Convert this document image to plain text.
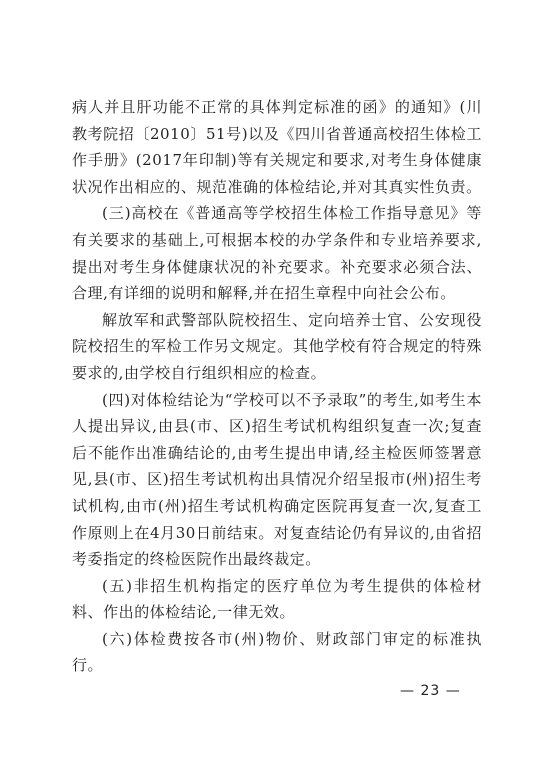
病人并且肝功能不正常的具体判定标准的函》的通知》(川教考院招〔2010〕51号)以及《四川省普通高校招生体检工作手册》(2017年印制)等有关规定和要求,对考生身体健康状况作出相应的、规范准确的体检结论,并对其真实性负责。

(三)高校在《普通高等学校招生体检工作指导意见》等有关要求的基础上,可根据本校的办学条件和专业培养要求,提出对考生身体健康状况的补充要求。补充要求必须合法、合理,有详细的说明和解释,并在招生章程中向社会公布。

解放军和武警部队院校招生、定向培养士官、公安现役院校招生的军检工作另文规定。其他学校有符合规定的特殊要求的,由学校自行组织相应的检查。

(四)对体检结论为“学校可以不予录取”的考生,如考生本人提出异议,由县(市、区)招生考试机构组织复查一次;复查后不能作出准确结论的,由考生提出申请,经主检医师签署意见,县(市、区)招生考试机构出具情况介绍呈报市(州)招生考试机构,由市(州)招生考试机构确定医院再复查一次,复查工作原则上在4月30日前结束。对复查结论仍有异议的,由省招考委指定的终检医院作出最终裁定。

(五)非招生机构指定的医疗单位为考生提供的体检材料、作出的体检结论,一律无效。

(六)体检费按各市(州)物价、财政部门审定的标准执行。

— 23 —
